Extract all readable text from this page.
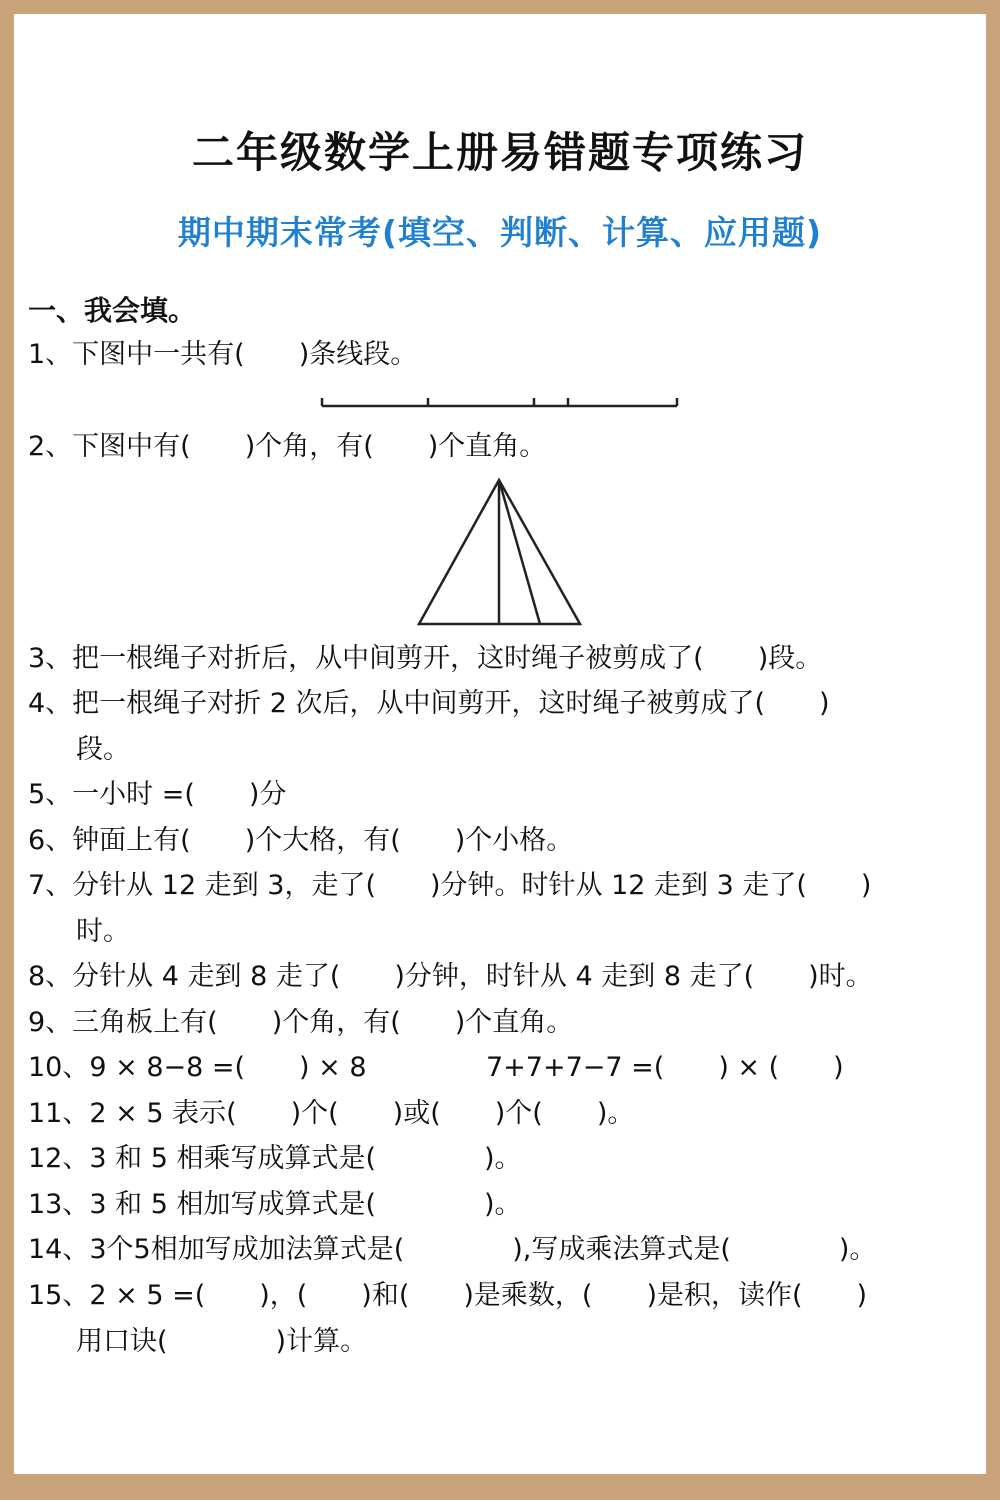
二年级数学上册易错题专项练习
期中期末常考(填空、判断、计算、应用题)
一、我会填。
1、下图中一共有(　　)条线段。
2、下图中有(　　)个角，有(　　)个直角。
3、把一根绳子对折后，从中间剪开，这时绳子被剪成了(　　)段。
4、把一根绳子对折 2 次后，从中间剪开，这时绳子被剪成了(　　)
段。
5、一小时 =(　　)分
6、钟面上有(　　)个大格，有(　　)个小格。
7、分针从 12 走到 3，走了(　　)分钟。时针从 12 走到 3 走了(　　)
时。
8、分针从 4 走到 8 走了(　　)分钟，时针从 4 走到 8 走了(　　)时。
9、三角板上有(　　)个角，有(　　)个直角。
10、9 × 8−8 =(　　) × 8	7+7+7−7 =(　　) × (　　)
11、2 × 5 表示(　　)个(　　)或(　　)个(　　)。
12、3 和 5 相乘写成算式是(　　　　)。
13、3 和 5 相加写成算式是(　　　　)。
14、3个5相加写成加法算式是(　　　　),写成乘法算式是(　　　　)。
15、2 × 5 =(　　)，(　　)和(　　)是乘数，(　　)是积，读作(　　)
用口诀(　　　　)计算。
